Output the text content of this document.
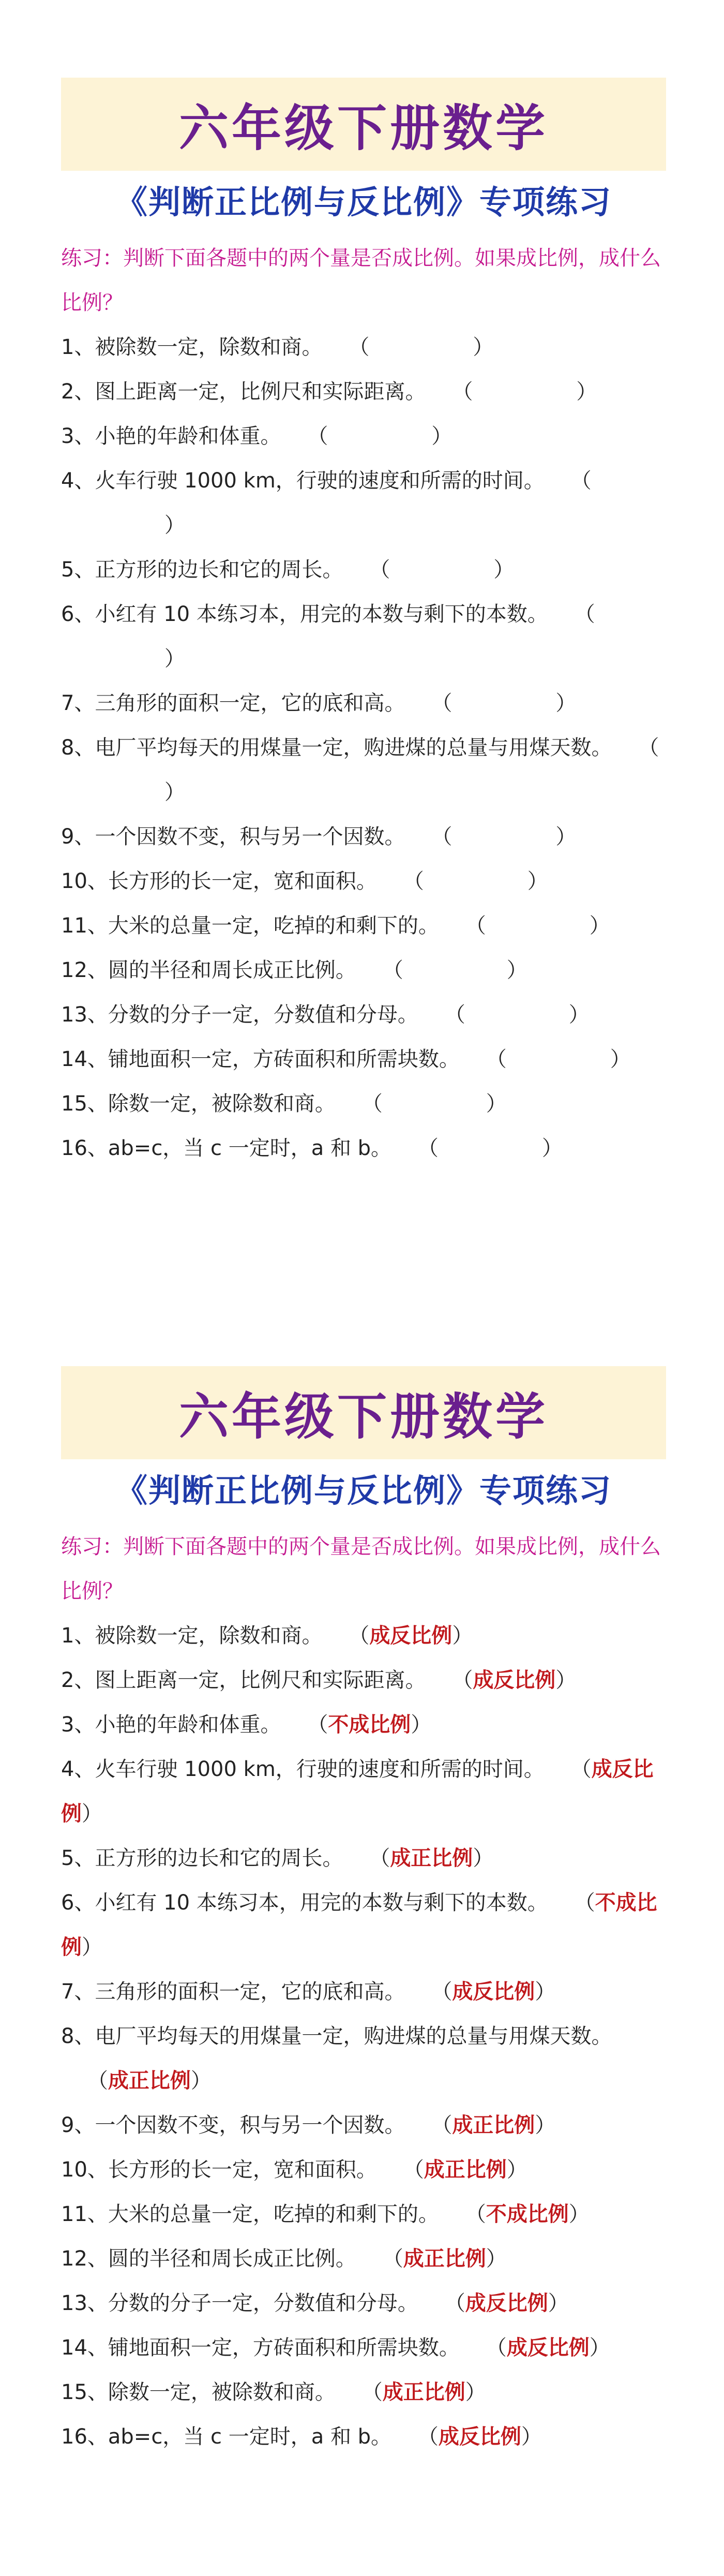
六年级下册数学
《判断正比例与反比例》专项练习
练习：判断下面各题中的两个量是否成比例。如果成比例，成什么比例？

1、被除数一定，除数和商。 （	）

2、图上距离一定，比例尺和实际距离。 （	）

3、小艳的年龄和体重。 （	）

4、火车行驶 1000 km，行驶的速度和所需的时间。 （）

5、正方形的边长和它的周长。 （	）

6、小红有 10 本练习本，用完的本数与剩下的本数。 （）

7、三角形的面积一定，它的底和高。 （	）

8、电厂平均每天的用煤量一定，购进煤的总量与用煤天数。 （）

9、一个因数不变，积与另一个因数。 （	）

10、长方形的长一定，宽和面积。 （	）

11、大米的总量一定，吃掉的和剩下的。 （	）

12、圆的半径和周长成正比例。 （	）

13、分数的分子一定，分数值和分母。 （	）

14、铺地面积一定，方砖面积和所需块数。 （	）

15、除数一定，被除数和商。 （	）

16、ab=c，当 c 一定时，a 和 b。 （	）

六年级下册数学
《判断正比例与反比例》专项练习
练习：判断下面各题中的两个量是否成比例。如果成比例，成什么比例？

1、被除数一定，除数和商。 （成反比例）

2、图上距离一定，比例尺和实际距离。 （成反比例）

3、小艳的年龄和体重。 （不成比例）

4、火车行驶 1000 km，行驶的速度和所需的时间。 （成反比例）

5、正方形的边长和它的周长。 （成正比例）

6、小红有 10 本练习本，用完的本数与剩下的本数。 （不成比例）

7、三角形的面积一定，它的底和高。 （成反比例）

8、电厂平均每天的用煤量一定，购进煤的总量与用煤天数。    （成正比例）

9、一个因数不变，积与另一个因数。 （成正比例）

10、长方形的长一定，宽和面积。 （成正比例）

11、大米的总量一定，吃掉的和剩下的。 （不成比例）

12、圆的半径和周长成正比例。 （成正比例）

13、分数的分子一定，分数值和分母。 （成反比例）

14、铺地面积一定，方砖面积和所需块数。 （成反比例）

15、除数一定，被除数和商。 （成正比例）

16、ab=c，当 c 一定时，a 和 b。 （成反比例）
